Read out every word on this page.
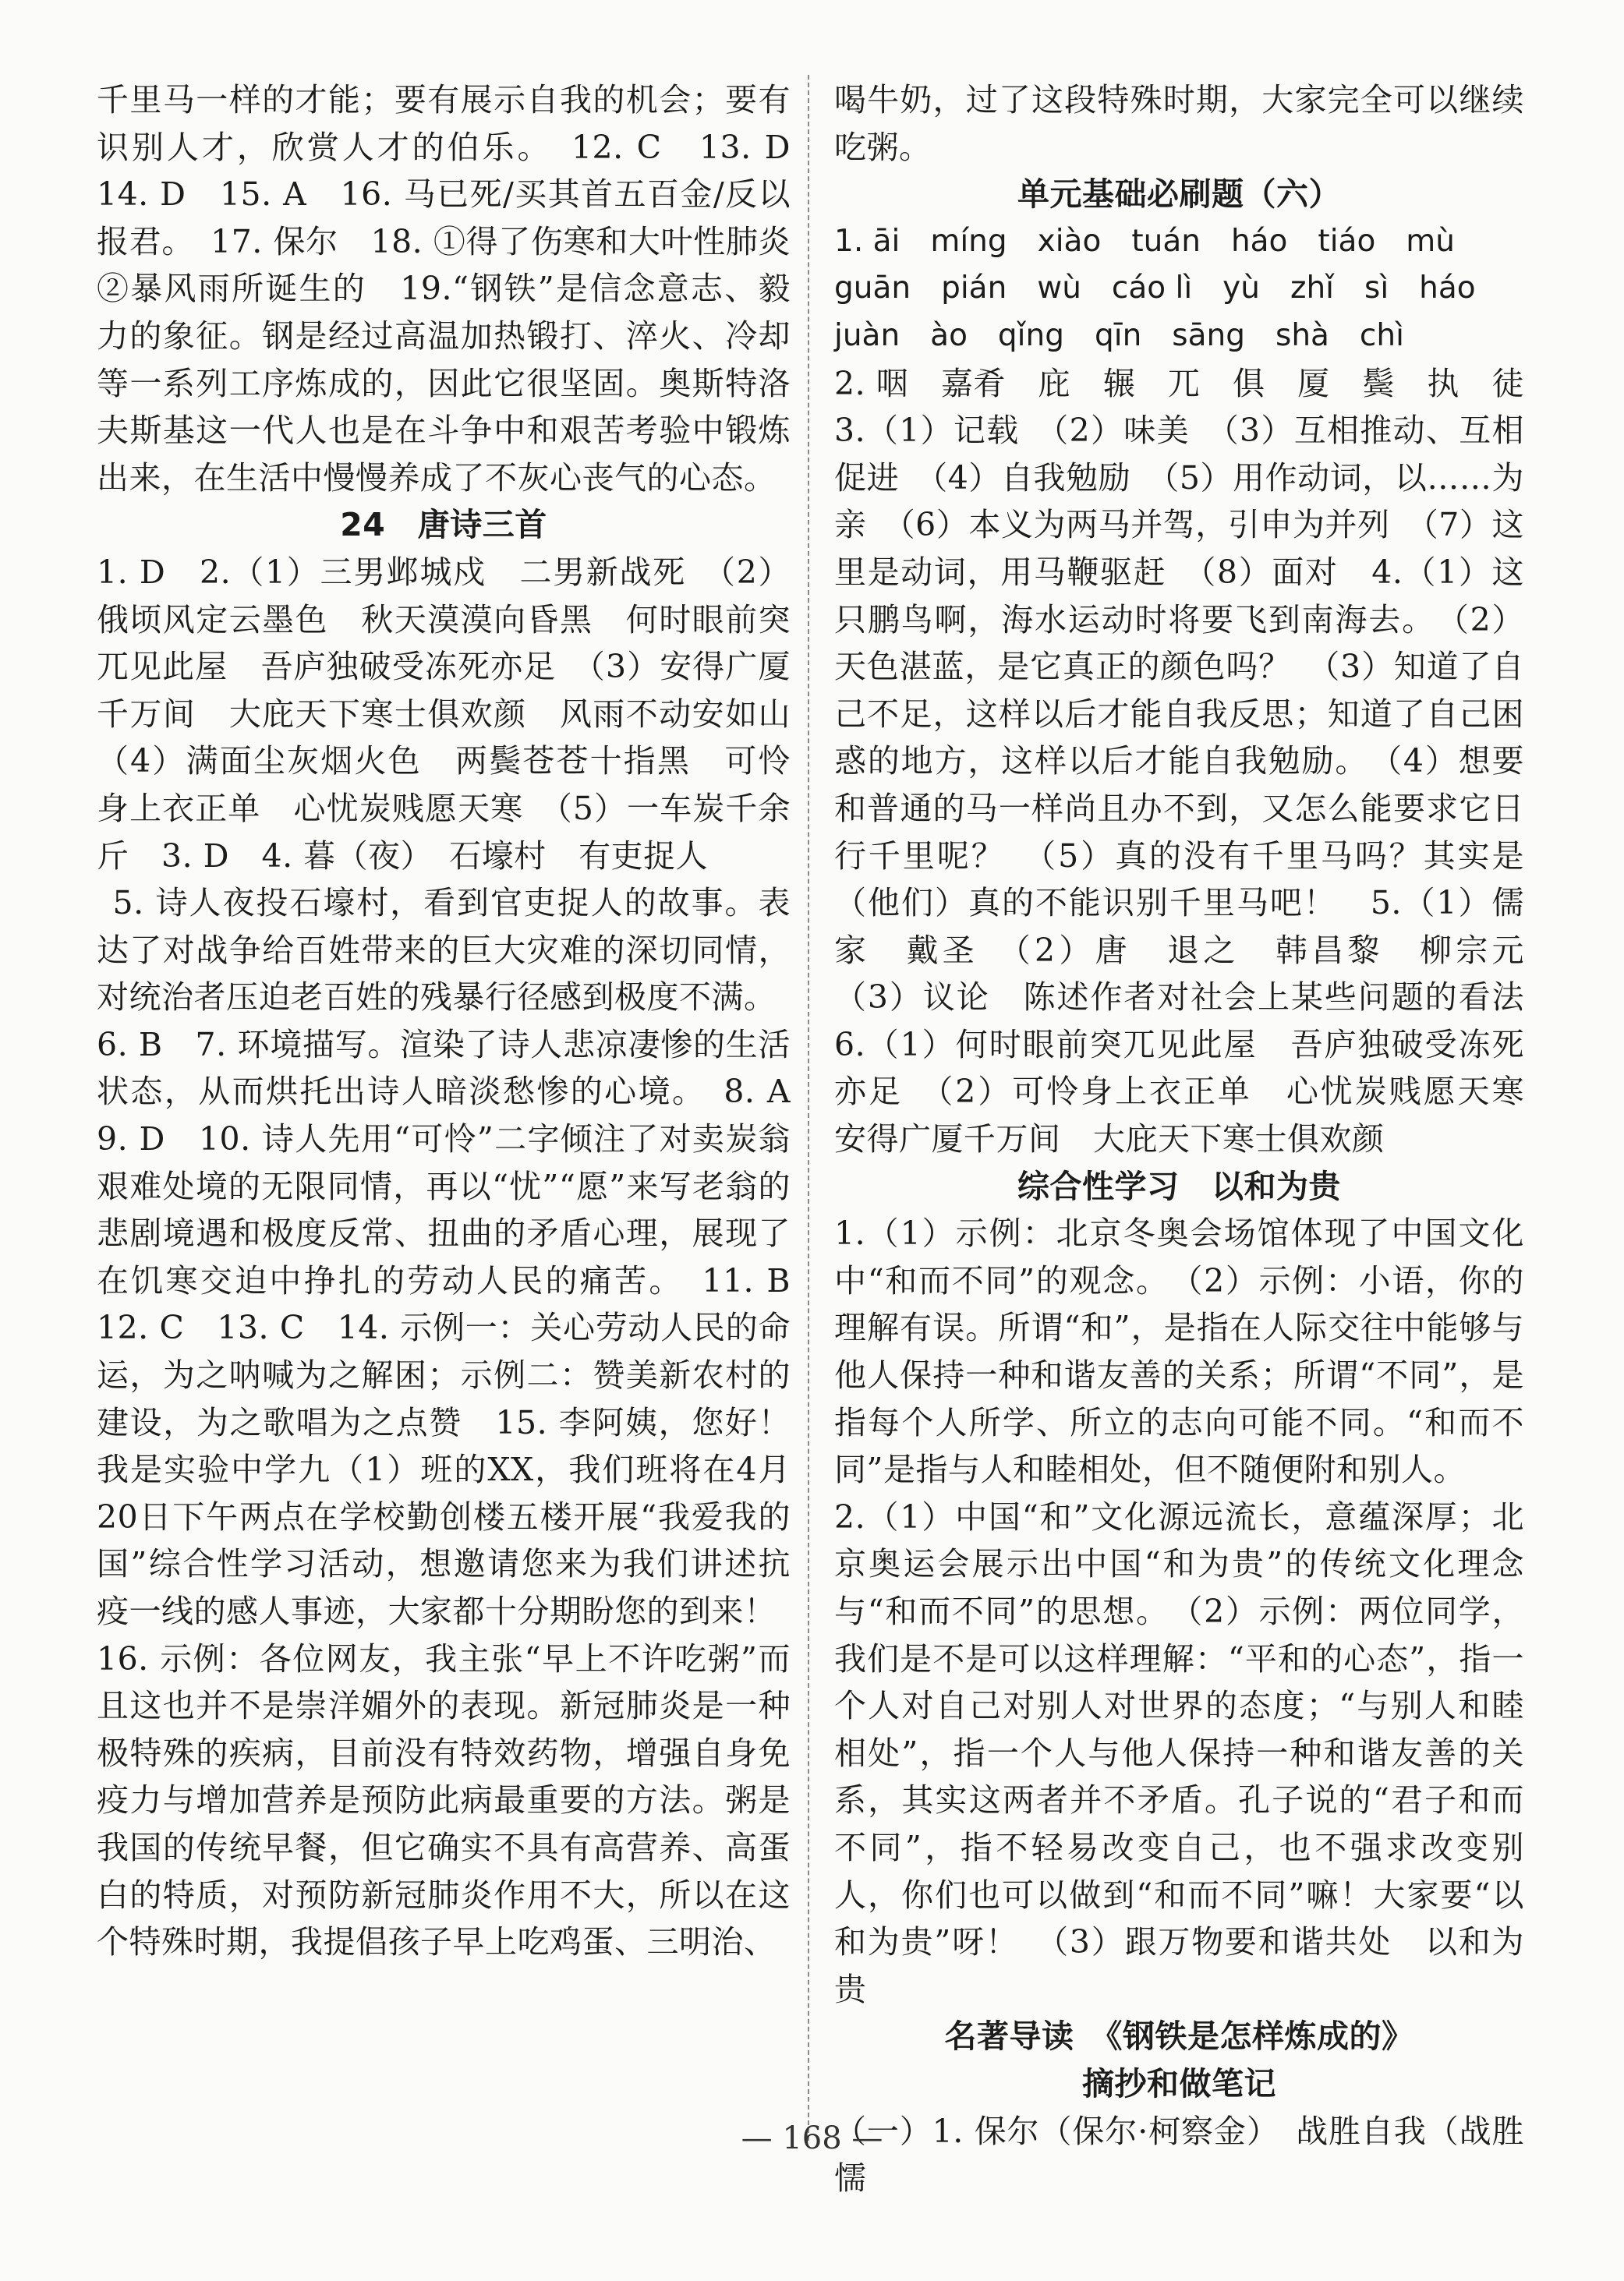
千里马一样的才能；要有展示自我的机会；要有识别人才，欣赏人才的伯乐。　12. C　13. D　14. D　15. A　16. 马已死/买其首五百金/反以报君。　17. 保尔　18. ①得了伤寒和大叶性肺炎　②暴风雨所诞生的　19.“钢铁”是信念意志、毅力的象征。钢是经过高温加热锻打、淬火、冷却等一系列工序炼成的，因此它很坚固。奥斯特洛夫斯基这一代人也是在斗争中和艰苦考验中锻炼出来，在生活中慢慢养成了不灰心丧气的心态。

24　唐诗三首

1. D　2.（1）三男邺城戍　二男新战死　（2）俄顷风定云墨色　秋天漠漠向昏黑　何时眼前突兀见此屋　吾庐独破受冻死亦足　（3）安得广厦千万间　大庇天下寒士俱欢颜　风雨不动安如山　（4）满面尘灰烟火色　两鬓苍苍十指黑　可怜身上衣正单　心忧炭贱愿天寒　（5）一车炭千余斤　3. D　4. 暮（夜）　石壕村　有吏捉人

5. 诗人夜投石壕村，看到官吏捉人的故事。表达了对战争给百姓带来的巨大灾难的深切同情，对统治者压迫老百姓的残暴行径感到极度不满。

6. B　7. 环境描写。渲染了诗人悲凉凄惨的生活状态，从而烘托出诗人暗淡愁惨的心境。　8. A　9. D　10. 诗人先用“可怜”二字倾注了对卖炭翁艰难处境的无限同情，再以“忧”“愿”来写老翁的悲剧境遇和极度反常、扭曲的矛盾心理，展现了在饥寒交迫中挣扎的劳动人民的痛苦。　11. B　12. C　13. C　14. 示例一：关心劳动人民的命运，为之呐喊为之解困；示例二：赞美新农村的建设，为之歌唱为之点赞　15. 李阿姨，您好！我是实验中学九（1）班的XX，我们班将在4月20日下午两点在学校勤创楼五楼开展“我爱我的国”综合性学习活动，想邀请您来为我们讲述抗疫一线的感人事迹，大家都十分期盼您的到来！

16. 示例：各位网友，我主张“早上不许吃粥”而且这也并不是崇洋媚外的表现。新冠肺炎是一种极特殊的疾病，目前没有特效药物，增强自身免疫力与增加营养是预防此病最重要的方法。粥是我国的传统早餐，但它确实不具有高营养、高蛋白的特质，对预防新冠肺炎作用不大，所以在这个特殊时期，我提倡孩子早上吃鸡蛋、三明治、

喝牛奶，过了这段特殊时期，大家完全可以继续吃粥。

单元基础必刷题（六）

1. āi　míng　xiào　tuán　háo　tiáo　mù

guān　pián　wù　cáo lì　yù　zhǐ　sì　háo

juàn　ào　qǐng　qīn　sāng　shà　chì

2. 咽　嘉肴　庇　辗　兀　俱　厦　鬓　执　徒　3.（1）记载　（2）味美　（3）互相推动、互相促进　（4）自我勉励　（5）用作动词，以……为亲　（6）本义为两马并驾，引申为并列　（7）这里是动词，用马鞭驱赶　（8）面对　4.（1）这只鹏鸟啊，海水运动时将要飞到南海去。　（2）天色湛蓝，是它真正的颜色吗？　（3）知道了自己不足，这样以后才能自我反思；知道了自己困惑的地方，这样以后才能自我勉励。　（4）想要和普通的马一样尚且办不到，又怎么能要求它日行千里呢？　（5）真的没有千里马吗？其实是（他们）真的不能识别千里马吧！　5.（1）儒家　戴圣　（2）唐　退之　韩昌黎　柳宗元　（3）议论　陈述作者对社会上某些问题的看法　6.（1）何时眼前突兀见此屋　吾庐独破受冻死亦足　（2）可怜身上衣正单　心忧炭贱愿天寒　安得广厦千万间　大庇天下寒士俱欢颜

综合性学习　以和为贵

1.（1）示例：北京冬奥会场馆体现了中国文化中“和而不同”的观念。　（2）示例：小语，你的理解有误。所谓“和”，是指在人际交往中能够与他人保持一种和谐友善的关系；所谓“不同”，是指每个人所学、所立的志向可能不同。“和而不同”是指与人和睦相处，但不随便附和别人。

2.（1）中国“和”文化源远流长，意蕴深厚；北京奥运会展示出中国“和为贵”的传统文化理念与“和而不同”的思想。　（2）示例：两位同学，我们是不是可以这样理解：“平和的心态”，指一个人对自己对别人对世界的态度；“与别人和睦相处”，指一个人与他人保持一种和谐友善的关系，其实这两者并不矛盾。孔子说的“君子和而不同”，指不轻易改变自己，也不强求改变别人，你们也可以做到“和而不同”嘛！大家要“以和为贵”呀！　（3）跟万物要和谐共处　以和为贵

名著导读　《钢铁是怎样炼成的》

摘抄和做笔记

（一）1. 保尔（保尔·柯察金）　战胜自我（战胜懦

— 168 —
